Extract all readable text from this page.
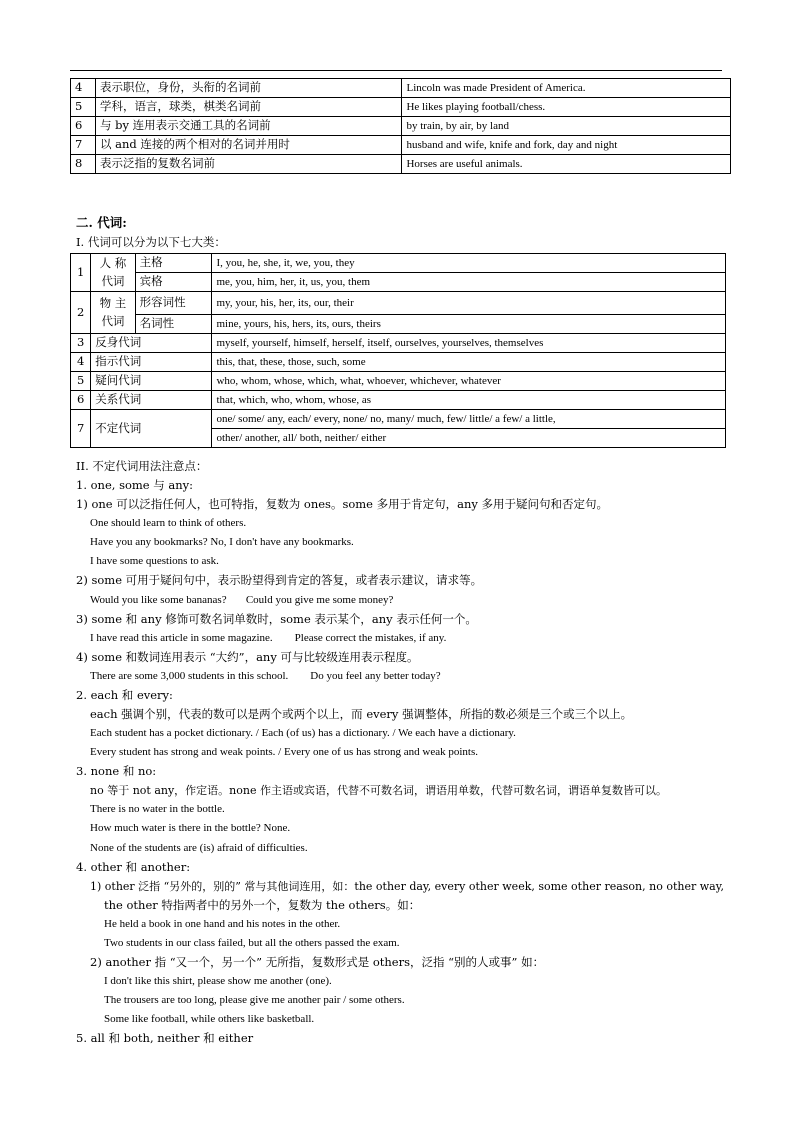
4	表示职位，身份，头衔的名词前	Lincoln was made President of America.
5	学科，语言，球类，棋类名词前	He likes playing football/chess.
6	与 by 连用表示交通工具的名词前	by train, by air, by land
7	以 and 连接的两个相对的名词并用时	husband and wife, knife and fork, day and night
8	表示泛指的复数名词前	Horses are useful animals.
二. 代词:
I. 代词可以分为以下七大类：
1	人 称代词	主格	I, you, he, she, it, we, you, they
		宾格	me, you, him, her, it, us, you, them
2	物 主代词	形容词性	my, your, his, her, its, our, their
		名词性	mine, yours, his, hers, its, ours, theirs
3	反身代词		myself, yourself, himself, herself, itself, ourselves, yourselves, themselves
4	指示代词		this, that, these, those, such, some
5	疑问代词		who, whom, whose, which, what, whoever, whichever, whatever
6	关系代词		that, which, who, whom, whose, as
7	不定代词		one/ some/ any, each/ every, none/ no, many/ much, few/ little/ a few/ a little,
			other/ another, all/ both, neither/ either
II. 不定代词用法注意点：
1. one, some 与 any:
1) one 可以泛指任何人，也可特指，复数为 ones。some 多用于肯定句，any 多用于疑问句和否定句。
One should learn to think of others.
Have you any bookmarks? No, I don't have any bookmarks.
I have some questions to ask.
2) some 可用于疑问句中，表示盼望得到肯定的答复，或者表示建议，请求等。
Would you like some bananas?       Could you give me some money?
3) some 和 any 修饰可数名词单数时，some 表示某个，any 表示任何一个。
I have read this article in some magazine.        Please correct the mistakes, if any.
4) some 和数词连用表示 “大约”，any 可与比较级连用表示程度。
There are some 3,000 students in this school.        Do you feel any better today?
2. each 和 every:
each 强调个别，代表的数可以是两个或两个以上，而 every 强调整体，所指的数必须是三个或三个以上。
Each student has a pocket dictionary. / Each (of us) has a dictionary. / We each have a dictionary.
Every student has strong and weak points. / Every one of us has strong and weak points.
3. none 和 no:
no 等于 not any，作定语。none 作主语或宾语，代替不可数名词，谓语用单数，代替可数名词，谓语单复数皆可以。
There is no water in the bottle.
How much water is there in the bottle? None.
None of the students are (is) afraid of difficulties.
4. other 和 another:
1) other 泛指 “另外的，别的” 常与其他词连用，如：the other day, every other week, some other reason, no other way,
the other 特指两者中的另外一个，复数为 the others。如：
He held a book in one hand and his notes in the other.
Two students in our class failed, but all the others passed the exam.
2) another 指 “又一个，另一个” 无所指，复数形式是 others，泛指 “别的人或事” 如：
I don't like this shirt, please show me another (one).
The trousers are too long, please give me another pair / some others.
Some like football, while others like basketball.
5. all 和 both, neither 和 either
